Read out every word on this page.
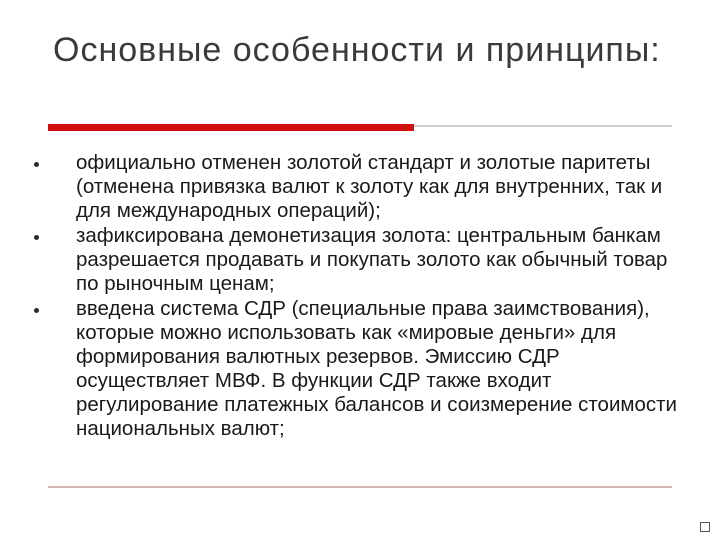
Основные особенности и принципы:
официально отменен золотой стандарт и золотые паритеты (отменена привязка валют к золоту как для внутренних, так и для международных операций);
зафиксирована демонетизация золота: центральным банкам разрешается продавать и покупать золото как обычный товар по рыночным ценам;
введена система СДР (специальные права заимствования), которые можно использовать как «мировые деньги» для формирования валютных резервов. Эмиссию СДР осуществляет МВФ. В функции СДР также входит регулирование платежных балансов и соизмерение стоимости национальных валют;
